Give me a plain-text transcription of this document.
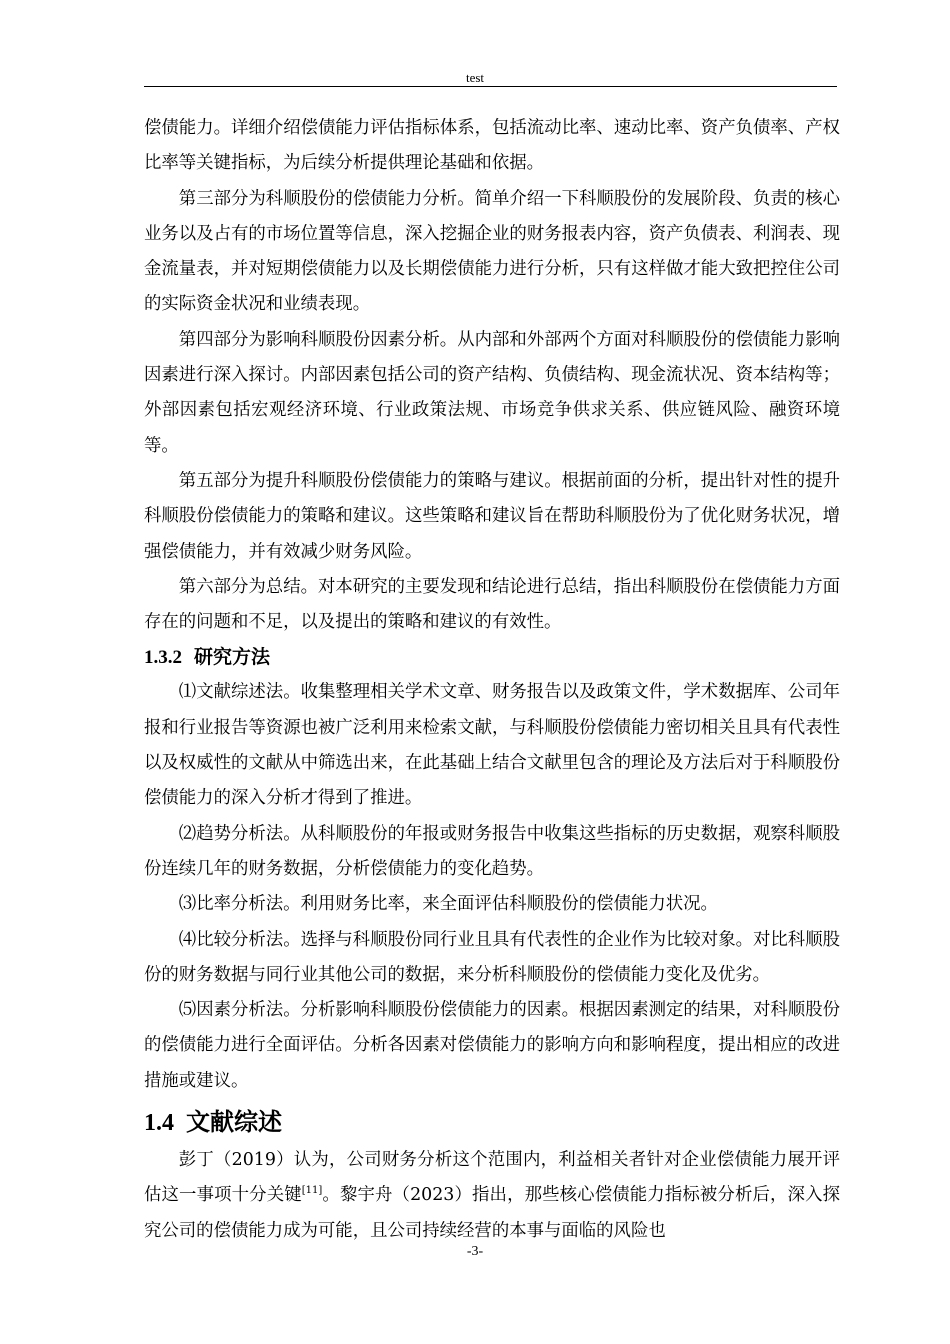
test

偿债能力。详细介绍偿债能力评估指标体系，包括流动比率、速动比率、资产负债率、产权比率等关键指标，为后续分析提供理论基础和依据。

第三部分为科顺股份的偿债能力分析。简单介绍一下科顺股份的发展阶段、负责的核心业务以及占有的市场位置等信息，深入挖掘企业的财务报表内容，资产负债表、利润表、现金流量表，并对短期偿债能力以及长期偿债能力进行分析，只有这样做才能大致把控住公司的实际资金状况和业绩表现。

第四部分为影响科顺股份因素分析。从内部和外部两个方面对科顺股份的偿债能力影响因素进行深入探讨。内部因素包括公司的资产结构、负债结构、现金流状况、资本结构等；外部因素包括宏观经济环境、行业政策法规、市场竞争供求关系、供应链风险、融资环境等。

第五部分为提升科顺股份偿债能力的策略与建议。根据前面的分析，提出针对性的提升科顺股份偿债能力的策略和建议。这些策略和建议旨在帮助科顺股份为了优化财务状况，增强偿债能力，并有效减少财务风险。

第六部分为总结。对本研究的主要发现和结论进行总结，指出科顺股份在偿债能力方面存在的问题和不足，以及提出的策略和建议的有效性。

1.3.2 研究方法

⑴文献综述法。收集整理相关学术文章、财务报告以及政策文件，学术数据库、公司年报和行业报告等资源也被广泛利用来检索文献，与科顺股份偿债能力密切相关且具有代表性以及权威性的文献从中筛选出来，在此基础上结合文献里包含的理论及方法后对于科顺股份偿债能力的深入分析才得到了推进。

⑵趋势分析法。从科顺股份的年报或财务报告中收集这些指标的历史数据，观察科顺股份连续几年的财务数据，分析偿债能力的变化趋势。

⑶比率分析法。利用财务比率，来全面评估科顺股份的偿债能力状况。

⑷比较分析法。选择与科顺股份同行业且具有代表性的企业作为比较对象。对比科顺股份的财务数据与同行业其他公司的数据，来分析科顺股份的偿债能力变化及优劣。

⑸因素分析法。分析影响科顺股份偿债能力的因素。根据因素测定的结果，对科顺股份的偿债能力进行全面评估。分析各因素对偿债能力的影响方向和影响程度，提出相应的改进措施或建议。

1.4 文献综述

彭丁（2019）认为，公司财务分析这个范围内，利益相关者针对企业偿债能力展开评估这一事项十分关键[11]。黎宇舟（2023）指出，那些核心偿债能力指标被分析后，深入探究公司的偿债能力成为可能，且公司持续经营的本事与面临的风险也

-3-
